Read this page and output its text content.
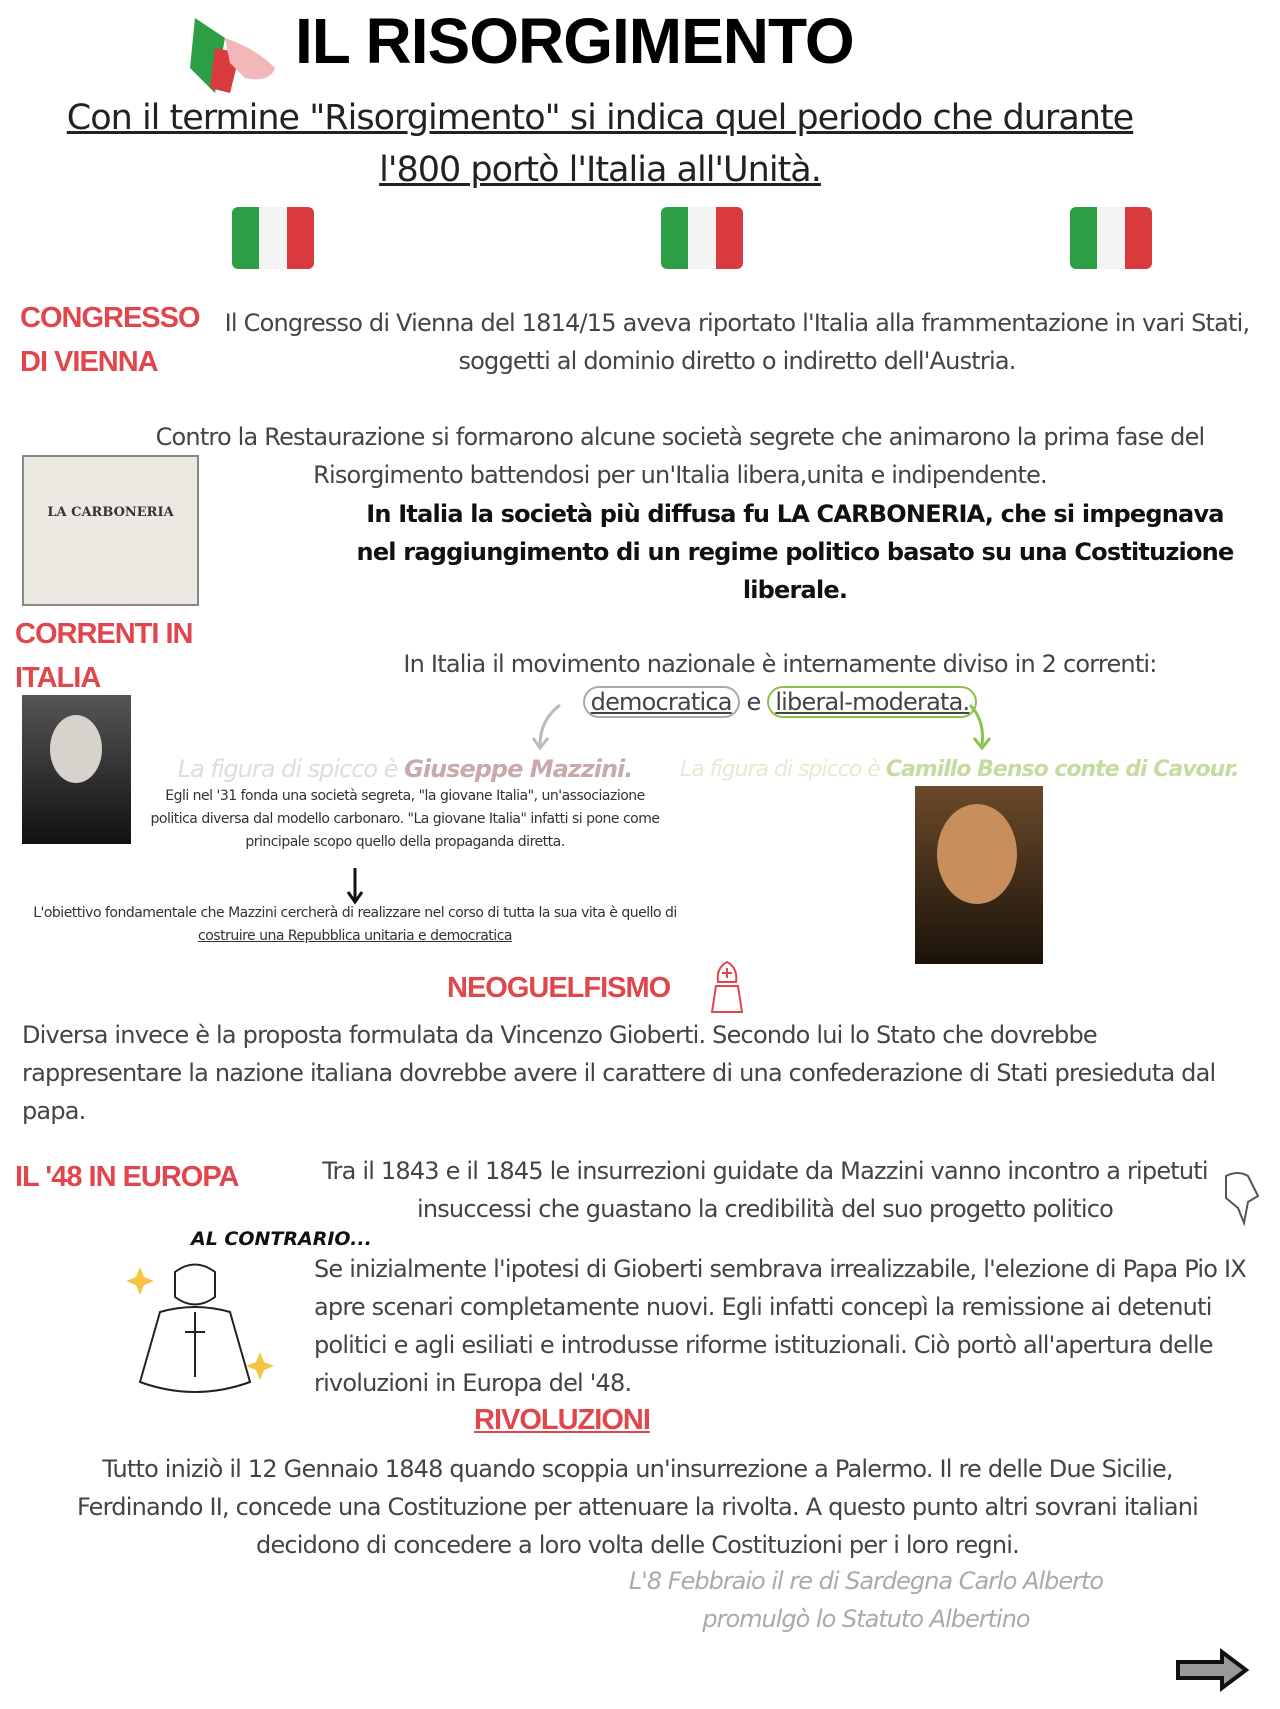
IL RISORGIMENTO
Con il termine "Risorgimento" si indica quel periodo che durante
l'800 portò l'Italia all'Unità.
CONGRESSO DI VIENNA
Il Congresso di Vienna del 1814/15 aveva riportato l'Italia alla frammentazione in vari Stati, soggetti al dominio diretto o indiretto dell'Austria.
Contro la Restaurazione si formarono alcune società segrete che animarono la prima fase del Risorgimento battendosi per un'Italia libera,unita e indipendente.
LA CARBONERIA	In Italia la società più diffusa fu LA CARBONERIA, che si impegnava nel raggiungimento di un regime politico basato su una Costituzione liberale.
CORRENTI IN ITALIA	In Italia il movimento nazionale è internamente diviso in 2 correnti:
democratica e liberal-moderata.
La figura di spicco è Giuseppe Mazzini.
Egli nel '31 fonda una società segreta, "la giovane Italia", un'associazione politica diversa dal modello carbonaro. "La giovane Italia" infatti si pone come principale scopo quello della propaganda diretta.
L'obiettivo fondamentale che Mazzini cercherà di realizzare nel corso di tutta la sua vita è quello di costruire una Repubblica unitaria e democratica
La figura di spicco è Camillo Benso conte di Cavour.
NEOGUELFISMO
Diversa invece è la proposta formulata da Vincenzo Gioberti. Secondo lui lo Stato che dovrebbe rappresentare la nazione italiana dovrebbe avere il carattere di una confederazione di Stati presieduta dal papa.
IL '48 IN EUROPA	Tra il 1843 e il 1845 le insurrezioni guidate da Mazzini vanno incontro a ripetuti insuccessi che guastano la credibilità del suo progetto politico
AL CONTRARIO...
Se inizialmente l'ipotesi di Gioberti sembrava irrealizzabile, l'elezione di Papa Pio IX apre scenari completamente nuovi. Egli infatti concepì la remissione ai detenuti politici e agli esiliati e introdusse riforme istituzionali. Ciò portò all'apertura delle rivoluzioni in Europa del '48.
RIVOLUZIONI
Tutto iniziò il 12 Gennaio 1848 quando scoppia un'insurrezione a Palermo. Il re delle Due Sicilie, Ferdinando II, concede una Costituzione per attenuare la rivolta. A questo punto altri sovrani italiani decidono di concedere a loro volta delle Costituzioni per i loro regni.
L'8 Febbraio il re di Sardegna Carlo Alberto
promulgò lo Statuto Albertino
